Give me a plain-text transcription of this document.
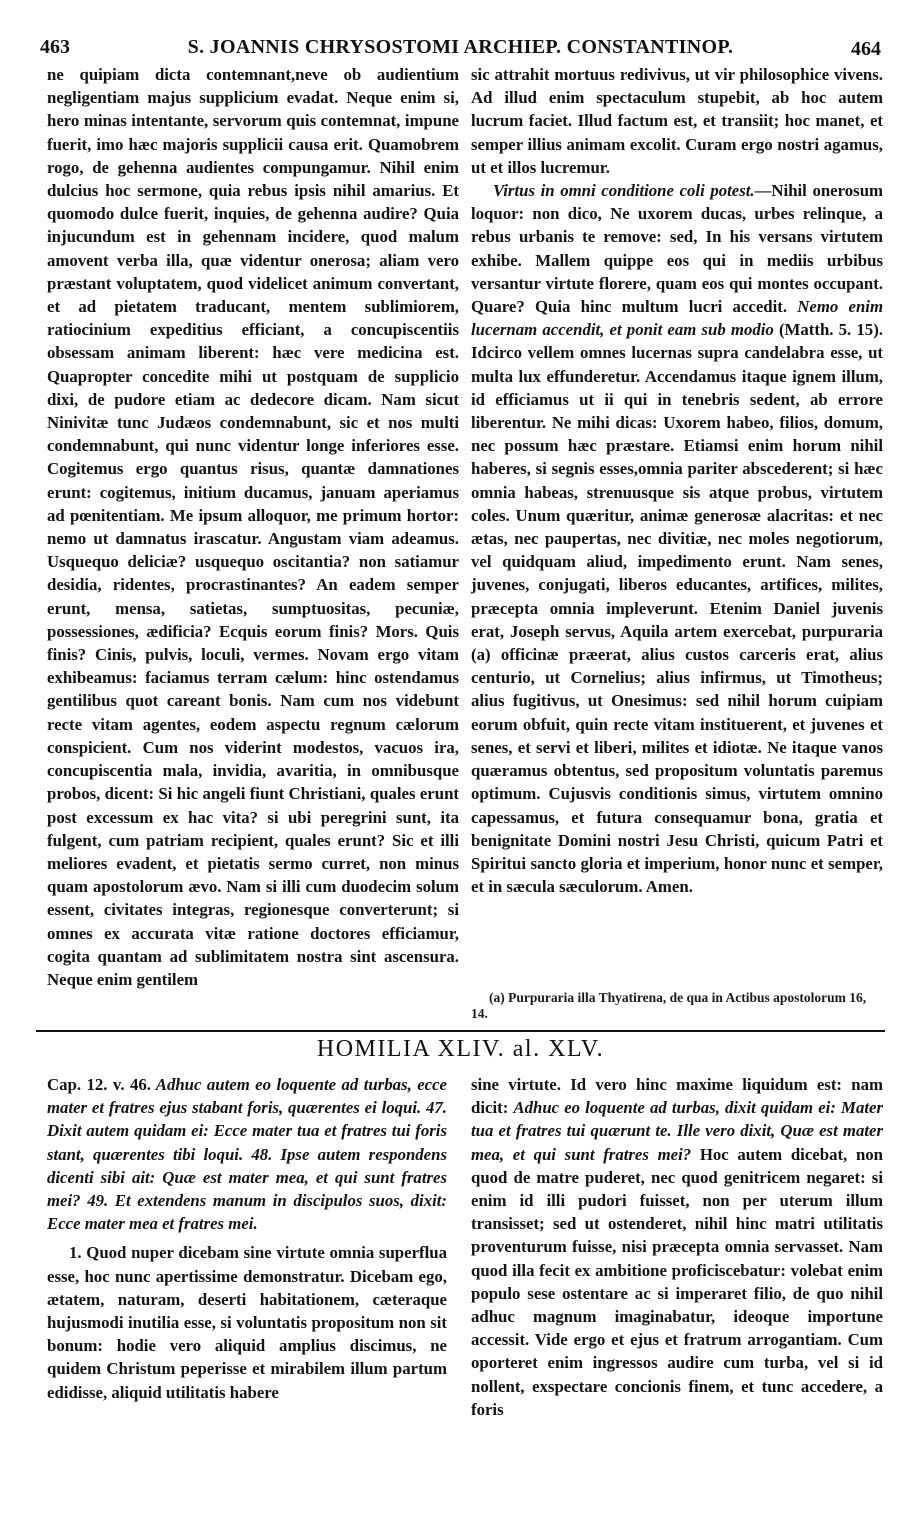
463	S. JOANNIS CHRYSOSTOMI ARCHIEP. CONSTANTINOP.	464

ne quipiam dicta contemnant,neve ob audientium negligentiam majus supplicium evadat. Neque enim si, hero minas intentante, servorum quis contemnat, impune fuerit, imo hæc majoris supplicii causa erit. Quamobrem rogo, de gehenna audientes compungamur. Nihil enim dulcius hoc sermone, quia rebus ipsis nihil amarius. Et quomodo dulce fuerit, inquies, de gehenna audire? Quia injucundum est in gehennam incidere, quod malum amovent verba illa, quæ videntur onerosa; aliam vero præstant voluptatem, quod videlicet animum convertant, et ad pietatem traducant, mentem sublimiorem, ratiocinium expeditius efficiant, a concupiscentiis obsessam animam liberent: hæc vere medicina est. Quapropter concedite mihi ut postquam de supplicio dixi, de pudore etiam ac dedecore dicam. Nam sicut Ninivitæ tunc Judæos condemnabunt, sic et nos multi condemnabunt, qui nunc videntur longe inferiores esse. Cogitemus ergo quantus risus, quantæ damnationes erunt: cogitemus, initium ducamus, januam aperiamus ad pœnitentiam. Me ipsum alloquor, me primum hortor: nemo ut damnatus irascatur. Angustam viam adeamus. Usquequo deliciæ? usquequo oscitantia? non satiamur desidia, ridentes, procrastinantes? An eadem semper erunt, mensa, satietas, sumptuositas, pecuniæ, possessiones, ædificia? Ecquis eorum finis? Mors. Quis finis? Cinis, pulvis, loculi, vermes. Novam ergo vitam exhibeamus: faciamus terram cælum: hinc ostendamus gentilibus quot careant bonis. Nam cum nos videbunt recte vitam agentes, eodem aspectu regnum cælorum conspicient. Cum nos viderint modestos, vacuos ira, concupiscentia mala, invidia, avaritia, in omnibusque probos, dicent: Si hic angeli fiunt Christiani, quales erunt post excessum ex hac vita? si ubi peregrini sunt, ita fulgent, cum patriam recipient, quales erunt? Sic et illi meliores evadent, et pietatis sermo curret, non minus quam apostolorum ævo. Nam si illi cum duodecim solum essent, civitates integras, regionesque converterunt; si omnes ex accurata vitæ ratione doctores efficiamur, cogita quantam ad sublimitatem nostra sint ascensura. Neque enim gentilem

sic attrahit mortuus redivivus, ut vir philosophice vivens. Ad illud enim spectaculum stupebit, ab hoc autem lucrum faciet. Illud factum est, et transiit; hoc manet, et semper illius animam excolit. Curam ergo nostri agamus, ut et illos lucremur.

Virtus in omni conditione coli potest.—Nihil onerosum loquor: non dico, Ne uxorem ducas, urbes relinque, a rebus urbanis te remove: sed, In his versans virtutem exhibe. Mallem quippe eos qui in mediis urbibus versantur virtute florere, quam eos qui montes occupant. Quare? Quia hinc multum lucri accedit. Nemo enim lucernam accendit, et ponit eam sub modio (Matth. 5. 15). Idcirco vellem omnes lucernas supra candelabra esse, ut multa lux effunderetur. Accendamus itaque ignem illum, id efficiamus ut ii qui in tenebris sedent, ab errore liberentur. Ne mihi dicas: Uxorem habeo, filios, domum, nec possum hæc præstare. Etiamsi enim horum nihil haberes, si segnis esses,omnia pariter abscederent; si hæc omnia habeas, strenuusque sis atque probus, virtutem coles. Unum quæritur, animæ generosæ alacritas: et nec ætas, nec paupertas, nec divitiæ, nec moles negotiorum, vel quidquam aliud, impedimento erunt. Nam senes, juvenes, conjugati, liberos educantes, artifices, milites, præcepta omnia impleverunt. Etenim Daniel juvenis erat, Joseph servus, Aquila artem exercebat, purpuraria (a) officinæ præerat, alius custos carceris erat, alius centurio, ut Cornelius; alius infirmus, ut Timotheus; alius fugitivus, ut Onesimus: sed nihil horum cuipiam eorum obfuit, quin recte vitam instituerent, et juvenes et senes, et servi et liberi, milites et idiotæ. Ne itaque vanos quæramus obtentus, sed propositum voluntatis paremus optimum. Cujusvis conditionis simus, virtutem omnino capessamus, et futura consequamur bona, gratia et benignitate Domini nostri Jesu Christi, quicum Patri et Spiritui sancto gloria et imperium, honor nunc et semper, et in sæcula sæculorum. Amen.

(a) Purpuraria illa Thyatirena, de qua in Actibus apostolorum 16, 14.
HOMILIA XLIV. al. XLV.

Cap. 12. v. 46. Adhuc autem eo loquente ad turbas, ecce mater et fratres ejus stabant foris, quærentes ei loqui. 47. Dixit autem quidam ei: Ecce mater tua et fratres tui foris stant, quærentes tibi loqui. 48. Ipse autem respondens dicenti sibi ait: Quæ est mater mea, et qui sunt fratres mei? 49. Et extendens manum in discipulos suos, dixit: Ecce mater mea et fratres mei.

1. Quod nuper dicebam sine virtute omnia superflua esse, hoc nunc apertissime demonstratur. Dicebam ego, ætatem, naturam, deserti habitationem, cæteraque hujusmodi inutilia esse, si voluntatis propositum non sit bonum: hodie vero aliquid amplius discimus, ne quidem Christum peperisse et mirabilem illum partum edidisse, aliquid utilitatis habere

sine virtute. Id vero hinc maxime liquidum est: nam dicit: Adhuc eo loquente ad turbas, dixit quidam ei: Mater tua et fratres tui quærunt te. Ille vero dixit, Quæ est mater mea, et qui sunt fratres mei? Hoc autem dicebat, non quod de matre puderet, nec quod genitricem negaret: si enim id illi pudori fuisset, non per uterum illum transisset; sed ut ostenderet, nihil hinc matri utilitatis proventurum fuisse, nisi præcepta omnia servasset. Nam quod illa fecit ex ambitione proficiscebatur: volebat enim populo sese ostentare ac si imperaret filio, de quo nihil adhuc magnum imaginabatur, ideoque importune accessit. Vide ergo et ejus et fratrum arrogantiam. Cum oporteret enim ingressos audire cum turba, vel si id nollent, exspectare concionis finem, et tunc accedere, a foris
